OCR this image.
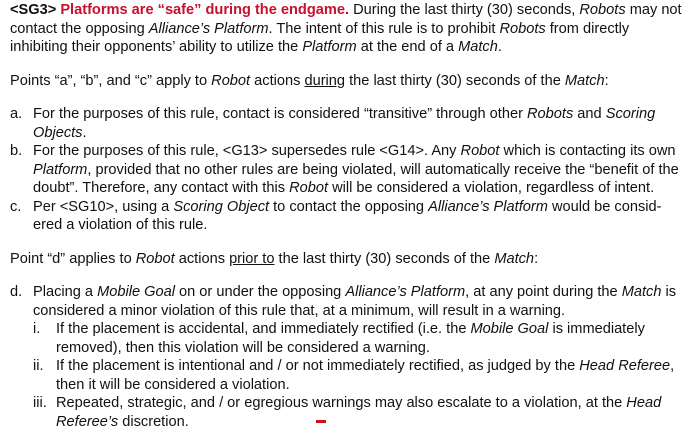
<SG3> Platforms are “safe” during the endgame. During the last thirty (30) seconds, Robots may not contact the opposing Alliance’s Platform. The intent of this rule is to prohibit Robots from directly inhibiting their opponents’ ability to utilize the Platform at the end of a Match.

Points “a”, “b”, and “c” apply to Robot actions during the last thirty (30) seconds of the Match:

a. For the purposes of this rule, contact is considered “transitive” through other Robots and Scoring Objects.
b. For the purposes of this rule, <G13> supersedes rule <G14>. Any Robot which is contacting its own Platform, provided that no other rules are being violated, will automatically receive the “benefit of the doubt”. Therefore, any contact with this Robot will be considered a violation, regardless of intent.
c. Per <SG10>, using a Scoring Object to contact the opposing Alliance’s Platform would be consid-ered a violation of this rule.

Point “d” applies to Robot actions prior to the last thirty (30) seconds of the Match:

d. Placing a Mobile Goal on or under the opposing Alliance’s Platform, at any point during the Match is considered a minor violation of this rule that, at a minimum, will result in a warning.
i.	If the placement is accidental, and immediately rectified (i.e. the Mobile Goal is immediately removed), then this violation will be considered a warning.
ii. If the placement is intentional and / or not immediately rectified, as judged by the Head Referee, then it will be considered a violation.
iii. Repeated, strategic, and / or egregious warnings may also escalate to a violation, at the Head Referee’s discretion.
